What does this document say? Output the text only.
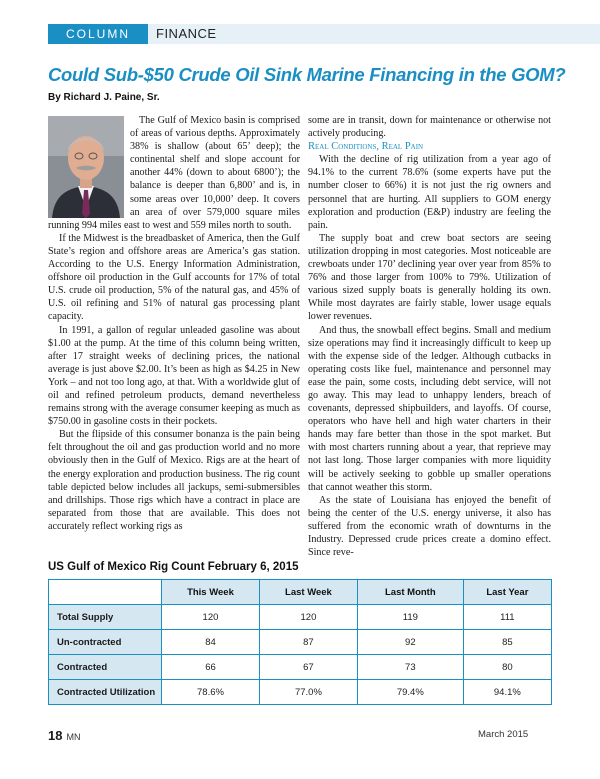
COLUMN	FINANCE
Could Sub-$50 Crude Oil Sink Marine Financing in the GOM?
By Richard J. Paine, Sr.

The Gulf of Mexico basin is comprised of areas of various depths. Approximately 38% is shallow (about 65’ deep); the continental shelf and slope account for another 44% (down to about 6800’); the balance is deeper than 6,800’ and is, in some areas over 10,000’ deep. It covers an area of over 579,000 square miles running 994 miles east to west and 559 miles north to south.

If the Midwest is the breadbasket of America, then the Gulf State’s region and offshore areas are America’s gas station. According to the U.S. Energy Information Administration, offshore oil production in the Gulf accounts for 17% of total U.S. crude oil production, 5% of the natural gas, and 45% of U.S. oil refining and 51% of natural gas processing plant capacity.

In 1991, a gallon of regular unleaded gasoline was about $1.00 at the pump. At the time of this column being written, after 17 straight weeks of declining prices, the national average is just above $2.00. It’s been as high as $4.25 in New York – and not too long ago, at that. With a worldwide glut of oil and refined petroleum products, demand nevertheless remains strong with the average consumer keeping as much as $750.00 in gasoline costs in their pockets.

But the flipside of this consumer bonanza is the pain being felt throughout the oil and gas production world and no more obviously then in the Gulf of Mexico. Rigs are at the heart of the energy exploration and production business. The rig count table depicted below includes all jackups, semi-submersibles and drillships. Those rigs which have a contract in place are separated from those that are available. This does not accurately reflect working rigs as

some are in transit, down for maintenance or otherwise not actively producing.

Real Conditions, Real Pain

With the decline of rig utilization from a year ago of 94.1% to the current 78.6% (some experts have put the number closer to 66%) it is not just the rig owners and personnel that are hurting. All suppliers to GOM energy exploration and production (E&P) industry are feeling the pain.

The supply boat and crew boat sectors are seeing utilization dropping in most categories. Most noticeable are crewboats under 170’ declining year over year from 85% to 76% and those larger from 100% to 79%. Utilization of various sized supply boats is generally holding its own. While most dayrates are fairly stable, lower usage equals lower revenues.

And thus, the snowball effect begins. Small and medium size operations may find it increasingly difficult to keep up with the expense side of the ledger. Although cutbacks in operating costs like fuel, maintenance and personnel may ease the pain, some costs, including debt service, will not go away. This may lead to unhappy lenders, breach of covenants, depressed shipbuilders, and layoffs. Of course, operators who have hell and high water charters in their hands may fare better than those in the spot market. But with most charters running about a year, that reprieve may not last long. Those larger companies with more liquidity will be actively seeking to gobble up smaller operations that cannot weather this storm.

As the state of Louisiana has enjoyed the benefit of being the center of the U.S. energy universe, it also has suffered from the economic wrath of downturns in the Industry. Depressed crude prices create a domino effect. Since reve-

US Gulf of Mexico Rig Count February 6, 2015
	This Week	Last Week	Last Month	Last Year
Total Supply	120	120	119	111
Un-contracted	84	87	92	85
Contracted	66	67	73	80
Contracted Utilization	78.6%	77.0%	79.4%	94.1%
18 MN	March 2015
